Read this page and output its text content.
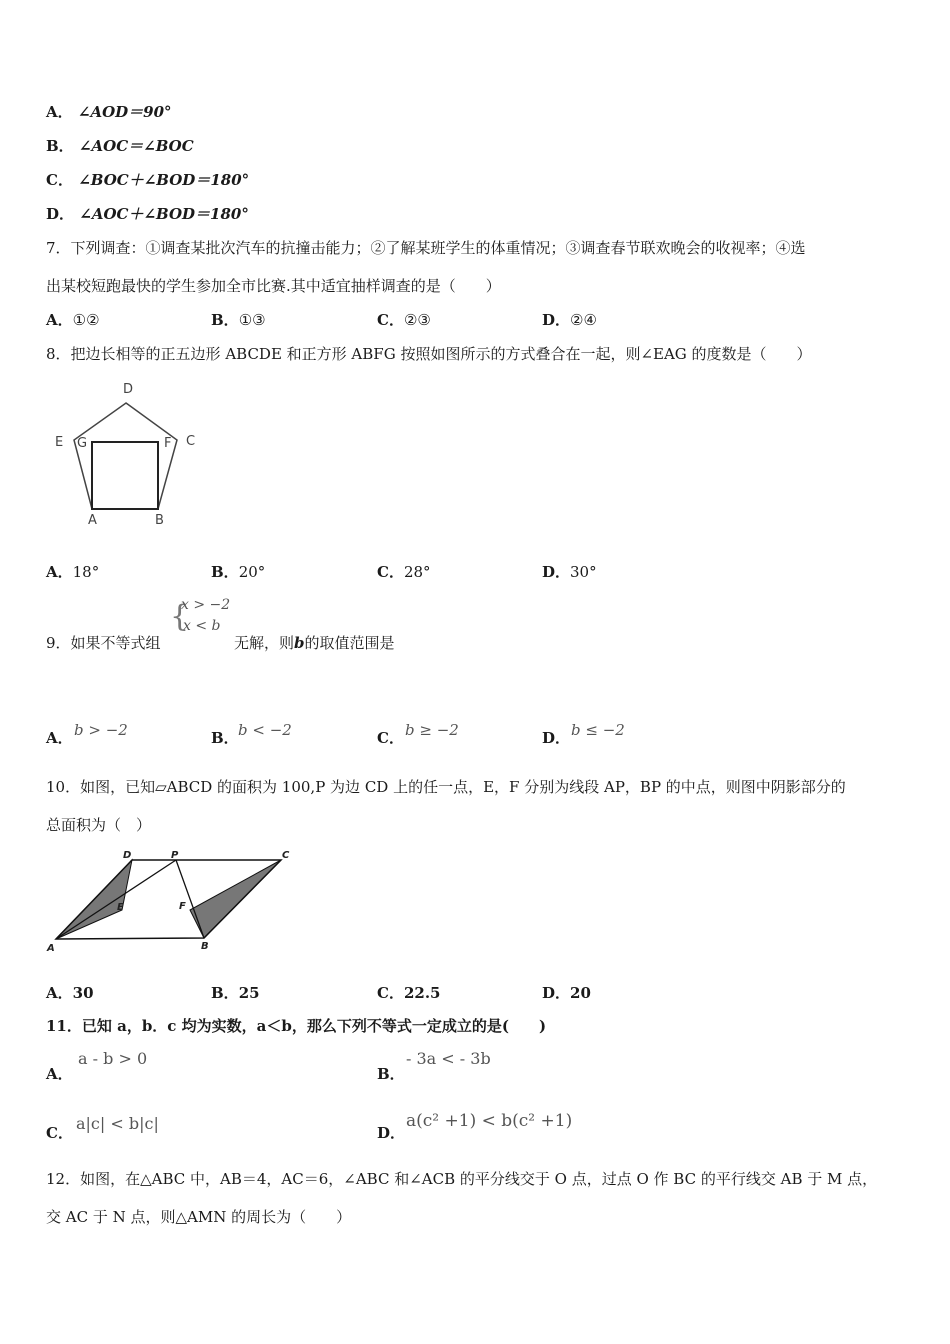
A． ∠AOD＝90°
B． ∠AOC＝∠BOC
C． ∠BOC＋∠BOD＝180°
D． ∠AOC＋∠BOD＝180°
7．下列调查：①调查某批次汽车的抗撞击能力；②了解某班学生的体重情况；③调查春节联欢晚会的收视率；④选
出某校短跑最快的学生参加全市比赛.其中适宜抽样调查的是（　　）
A．①②	B．①③	C．②③	D．②④
8．把边长相等的正五边形 ABCDE 和正方形 ABFG 按照如图所示的方式叠合在一起，则∠EAG 的度数是（　　）
D
E G	F C
A	B
A．18°	B．20°	C．28°	D．30°
9．如果不等式组
{
x > −2
x < b
无解，则b的取值范围是
A． b > −2	B． b < −2	C． b ≥ −2	D． b ≤ −2
10．如图，已知▱ABCD 的面积为 100,P 为边 CD 上的任一点，E，F 分别为线段 AP，BP 的中点，则图中阴影部分的
总面积为（　）
D	P	C
E	F
A	B
A．30	B．25	C．22.5	D．20
11．已知 a，b．c 均为实数，a＜b，那么下列不等式一定成立的是(　　)
A．
a - b > 0
B．
- 3a < - 3b
C． a|c| < b|c|	D．
a(c² +1) < b(c² +1)
12．如图，在△ABC 中，AB＝4，AC＝6，∠ABC 和∠ACB 的平分线交于 O 点，过点 O 作 BC 的平行线交 AB 于 M 点，
交 AC 于 N 点，则△AMN 的周长为（　　）
